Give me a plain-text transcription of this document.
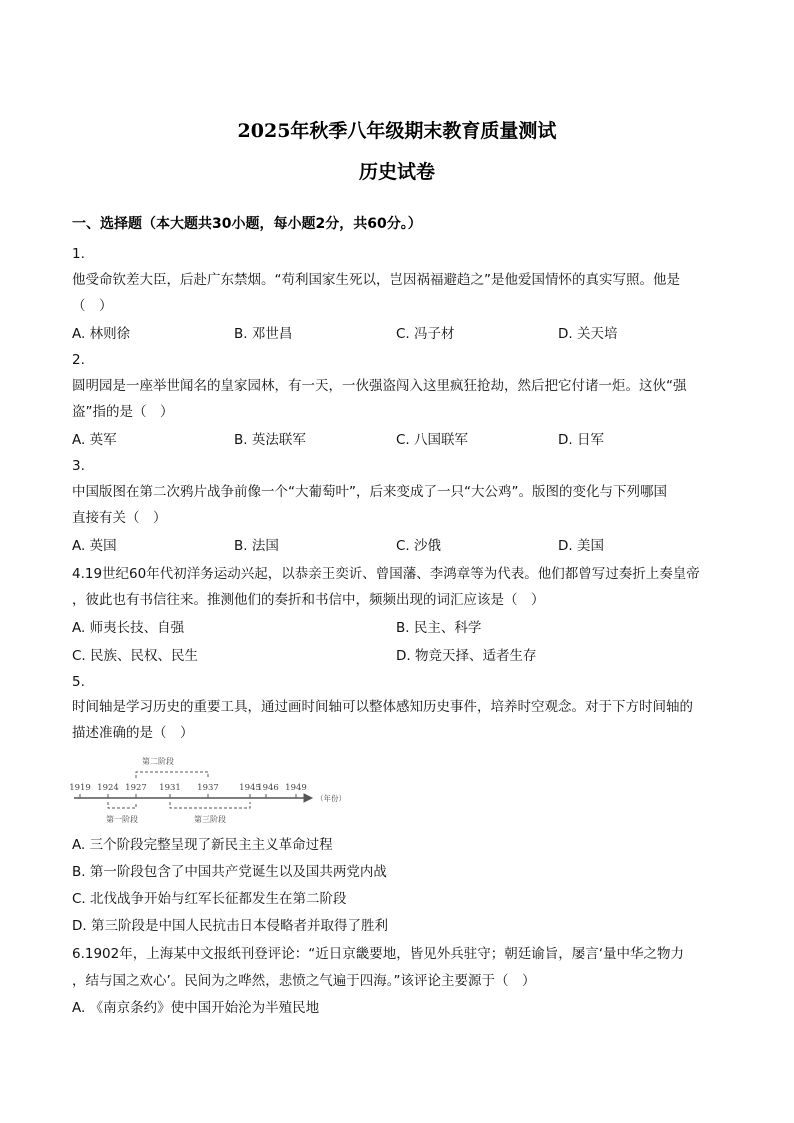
2025年秋季八年级期末教育质量测试
历史试卷
一、选择题（本大题共30小题，每小题2分，共60分。）
1.
他受命钦差大臣，后赴广东禁烟。“苟利国家生死以，岂因祸福避趋之”是他爱国情怀的真实写照。他是
（　）
A. 林则徐	B. 邓世昌	C. 冯子材	D. 关天培
2.
圆明园是一座举世闻名的皇家园林，有一天，一伙强盗闯入这里疯狂抢劫，然后把它付诸一炬。这伙“强
盗”指的是（　）
A. 英军	B. 英法联军	C. 八国联军	D. 日军
3.
中国版图在第二次鸦片战争前像一个“大葡萄叶”，后来变成了一只“大公鸡”。版图的变化与下列哪国
直接有关（　）
A. 英国	B. 法国	C. 沙俄	D. 美国
4.19世纪60年代初洋务运动兴起，以恭亲王奕䜣、曾国藩、李鸿章等为代表。他们都曾写过奏折上奏皇帝
，彼此也有书信往来。推测他们的奏折和书信中，频频出现的词汇应该是（　）
A. 师夷长技、自强	B. 民主、科学
C. 民族、民权、民生	D. 物竞天择、适者生存
5.
时间轴是学习历史的重要工具，通过画时间轴可以整体感知历史事件，培养时空观念。对于下方时间轴的
描述准确的是（　）
第二阶段
1919 1924 1927 1931 1937 1945
1946 1949
（年份）
第一阶段	第三阶段
A. 三个阶段完整呈现了新民主主义革命过程
B. 第一阶段包含了中国共产党诞生以及国共两党内战
C. 北伐战争开始与红军长征都发生在第二阶段
D. 第三阶段是中国人民抗击日本侵略者并取得了胜利
6.1902年，上海某中文报纸刊登评论：“近日京畿要地，皆见外兵驻守；朝廷谕旨，屡言‘量中华之物力
，结与国之欢心’。民间为之哗然，悲愤之气遍于四海。”该评论主要源于（　）
A. 《南京条约》使中国开始沦为半殖民地
